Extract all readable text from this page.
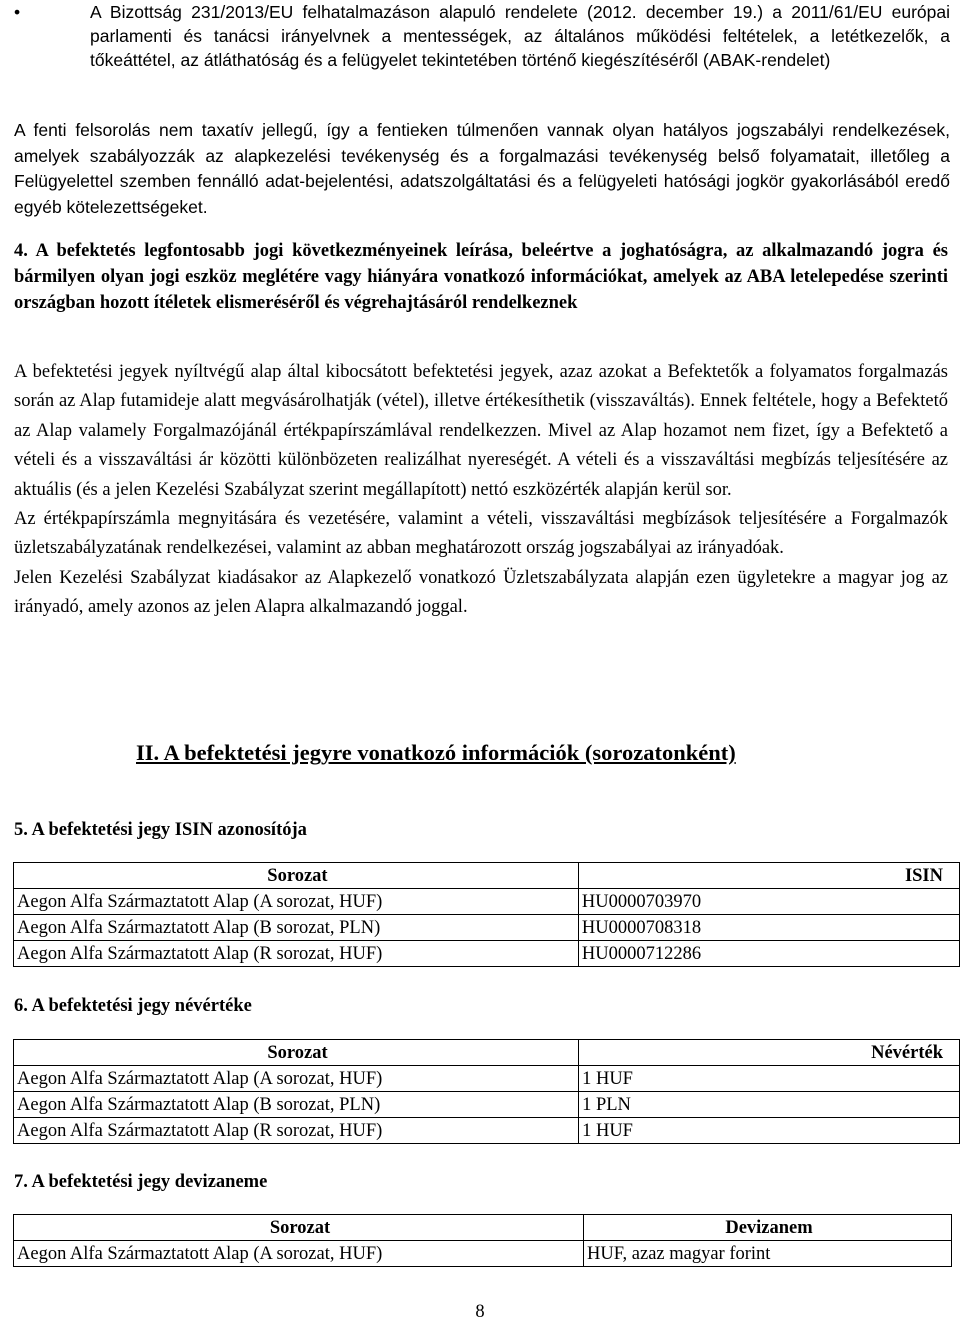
•	A Bizottság 231/2013/EU felhatalmazáson alapuló rendelete (2012. december 19.) a 2011/61/EU európai parlamenti és tanácsi irányelvnek a mentességek, az általános működési feltételek, a letétkezelők, a tőkeáttétel, az átláthatóság és a felügyelet tekintetében történő kiegészítéséről (ABAK-rendelet)
A fenti felsorolás nem taxatív jellegű, így a fentieken túlmenően vannak olyan hatályos jogszabályi rendelkezések, amelyek szabályozzák az alapkezelési tevékenység és a forgalmazási tevékenység belső folyamatait, illetőleg a Felügyelettel szemben fennálló adat-bejelentési, adatszolgáltatási és a felügyeleti hatósági jogkör gyakorlásából eredő egyéb kötelezettségeket.
4. A befektetés legfontosabb jogi következményeinek leírása, beleértve a joghatóságra, az alkalmazandó jogra és bármilyen olyan jogi eszköz meglétére vagy hiányára vonatkozó információkat, amelyek az ABA letelepedése szerinti országban hozott ítéletek elismeréséről és végrehajtásáról rendelkeznek
A befektetési jegyek nyíltvégű alap által kibocsátott befektetési jegyek, azaz azokat a Befektetők a folyamatos forgalmazás során az Alap futamideje alatt megvásárolhatják (vétel), illetve értékesíthetik (visszaváltás). Ennek feltétele, hogy a Befektető az Alap valamely Forgalmazójánál értékpapírszámlával rendelkezzen. Mivel az Alap hozamot nem fizet, így a Befektető a vételi és a visszaváltási ár közötti különbözeten realizálhat nyereségét. A vételi és a visszaváltási megbízás teljesítésére az aktuális (és a jelen Kezelési Szabályzat szerint megállapított) nettó eszközérték alapján kerül sor.
Az értékpapírszámla megnyitására és vezetésére, valamint a vételi, visszaváltási megbízások teljesítésére a Forgalmazók üzletszabályzatának rendelkezései, valamint az abban meghatározott ország jogszabályai az irányadóak.
Jelen Kezelési Szabályzat kiadásakor az Alapkezelő vonatkozó Üzletszabályzata alapján ezen ügyletekre a magyar jog az irányadó, amely azonos az jelen Alapra alkalmazandó joggal.
II. A befektetési jegyre vonatkozó információk (sorozatonként)
5. A befektetési jegy ISIN azonosítója
Sorozat	ISIN
Aegon Alfa Származtatott Alap (A sorozat, HUF)	HU0000703970
Aegon Alfa Származtatott Alap (B sorozat, PLN)	HU0000708318
Aegon Alfa Származtatott Alap (R sorozat, HUF)	HU0000712286
6. A befektetési jegy névértéke
Sorozat	Névérték
Aegon Alfa Származtatott Alap (A sorozat, HUF)	1 HUF
Aegon Alfa Származtatott Alap (B sorozat, PLN)	1 PLN
Aegon Alfa Származtatott Alap (R sorozat, HUF)	1 HUF
7. A befektetési jegy devizaneme
Sorozat	Devizanem
Aegon Alfa Származtatott Alap (A sorozat, HUF)	HUF, azaz magyar forint
8
